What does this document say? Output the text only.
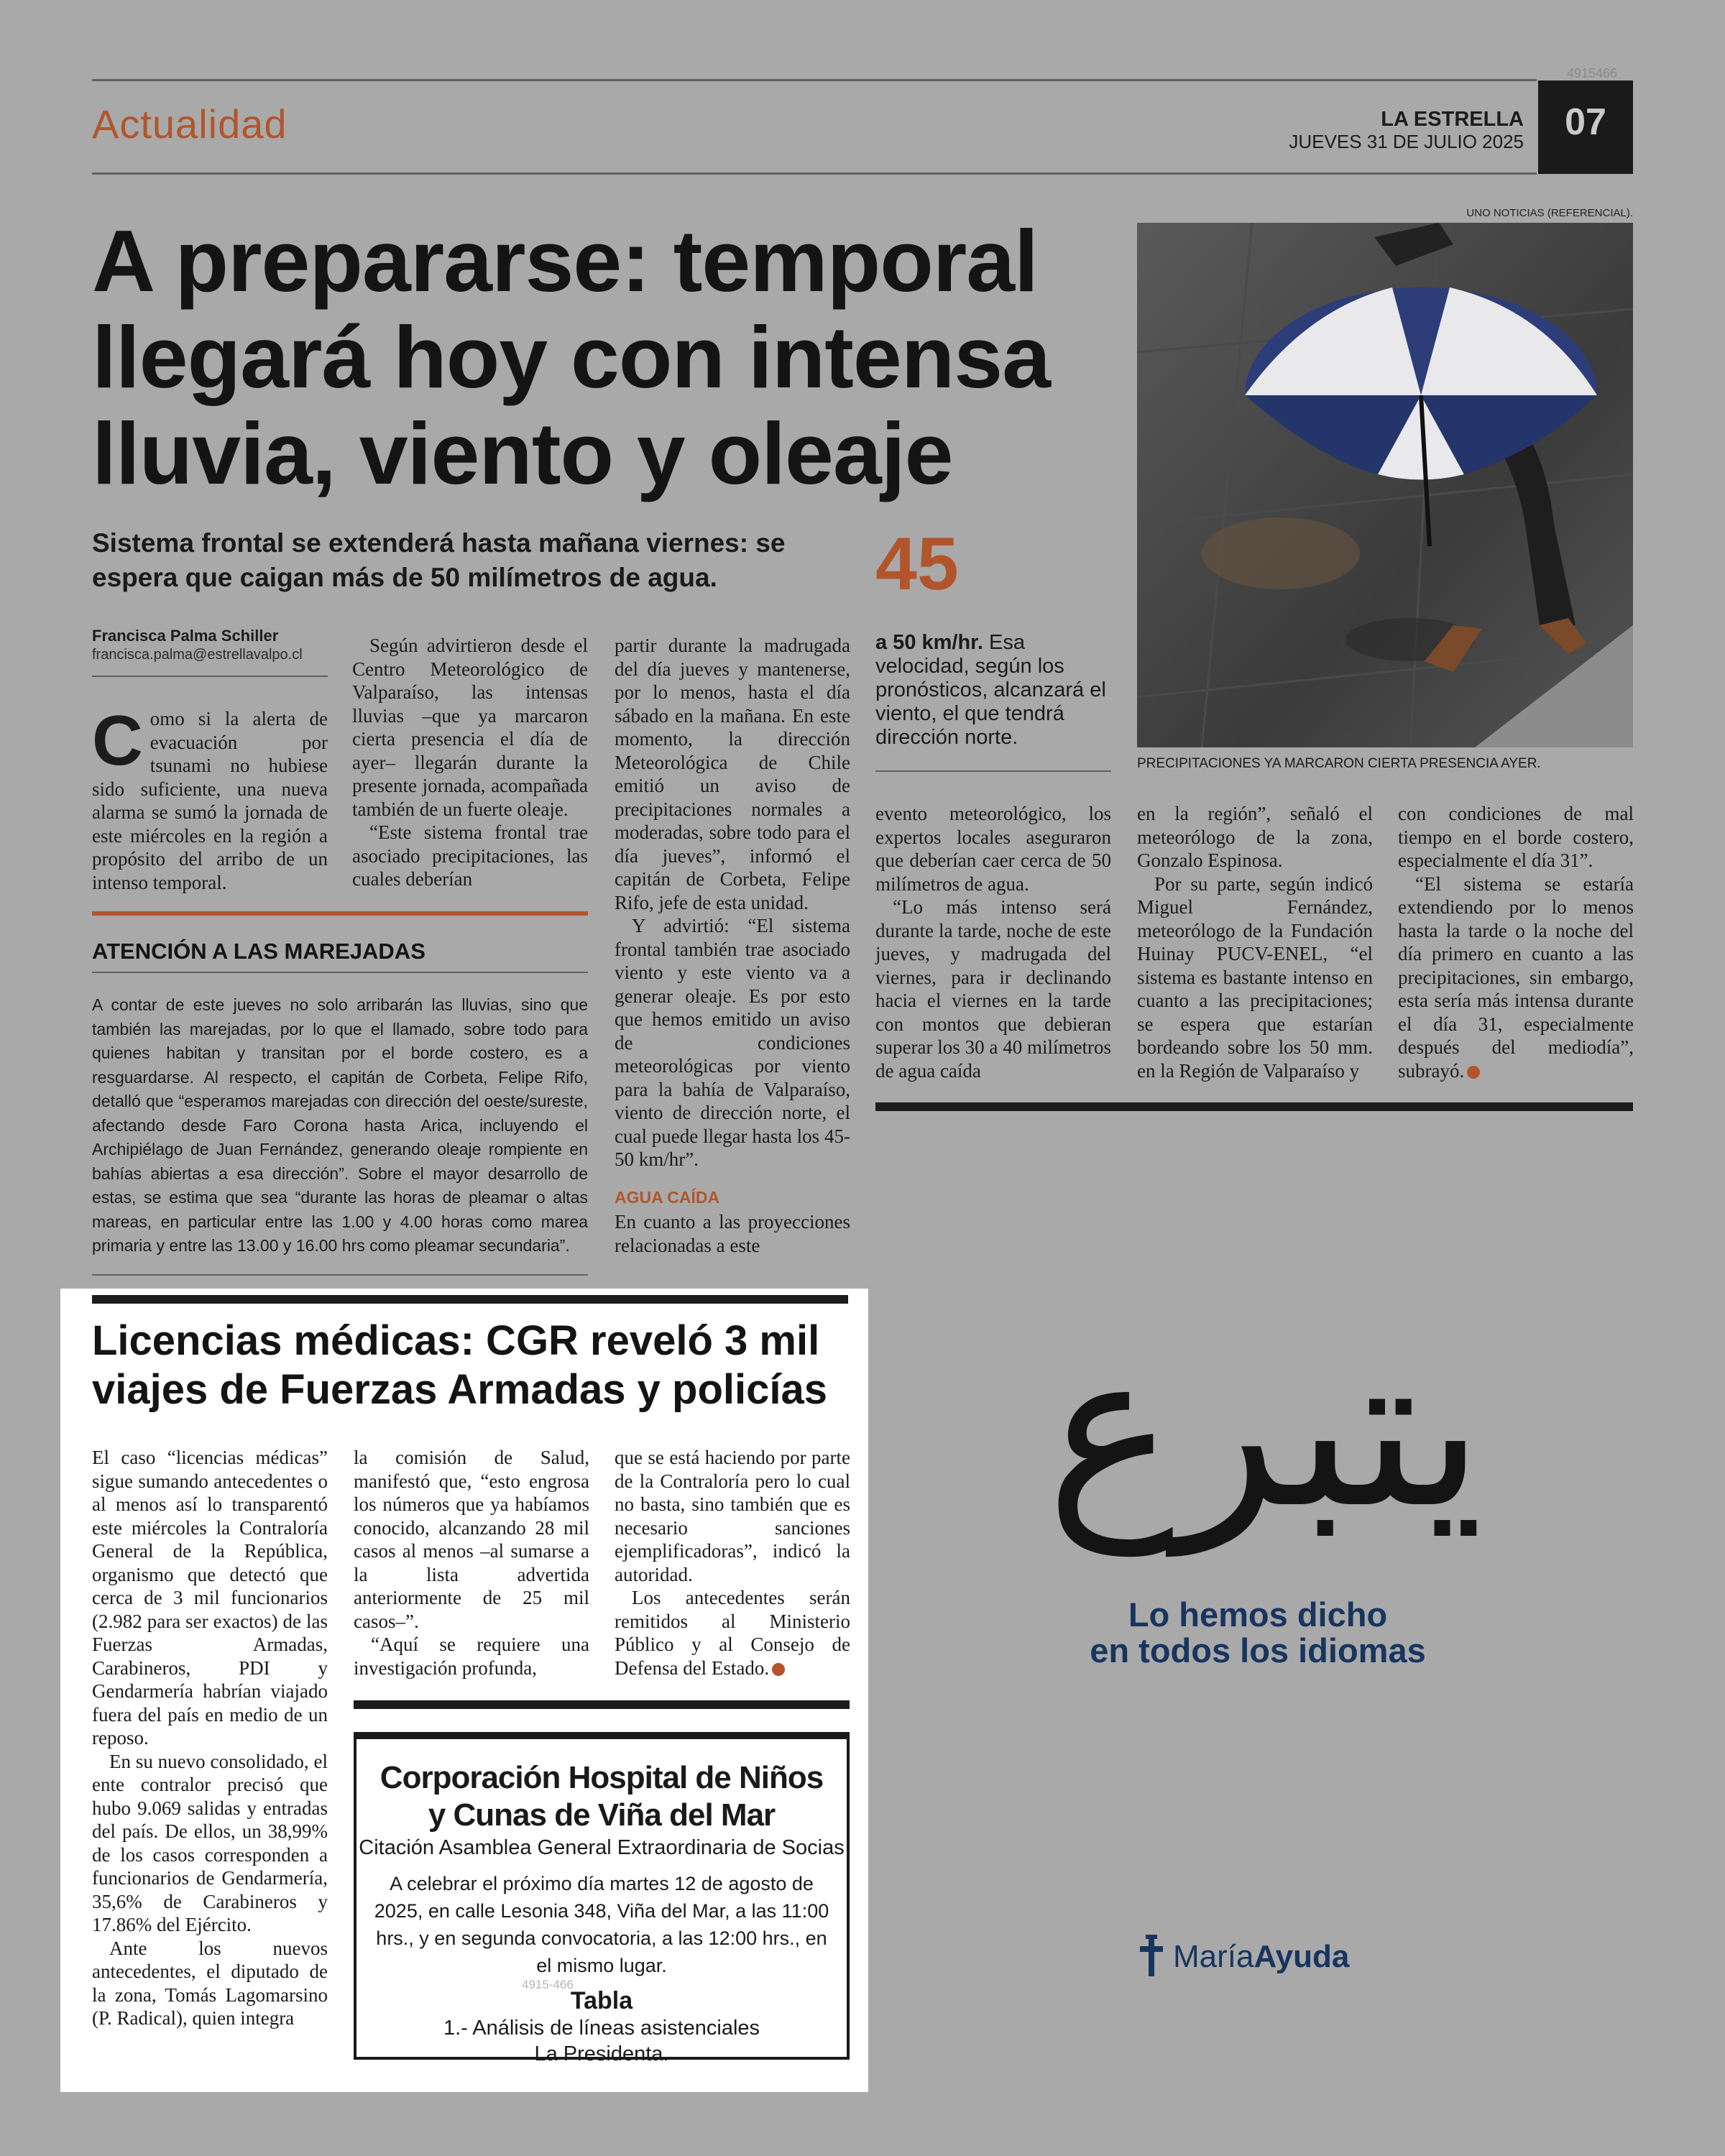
4915466
Actualidad	LA ESTRELLA
JUEVES 31 DE JULIO 2025	07
A prepararse: temporal llegará hoy con intensa lluvia, viento y oleaje
Sistema frontal se extenderá hasta mañana viernes: se espera que caigan más de 50 milímetros de agua.	45
a 50 km/hr. Esa velocidad, según los pronósticos, alcanzará el viento, el que tendrá dirección norte.
UNO NOTICIAS (REFERENCIAL).
PRECIPITACIONES YA MARCARON CIERTA PRESENCIA AYER.
Francisca Palma Schiller
francisca.palma@estrellavalpo.cl
C omo si la alerta de evacuación por tsunami no hubiese sido suficiente, una nueva alarma se sumó la jornada de este miércoles en la región a propósito del arribo de un intenso temporal.

Según advirtieron desde el Centro Meteorológico de Valparaíso, las intensas lluvias –que ya marcaron cierta presencia el día de ayer– llegarán durante la presente jornada, acompañada también de un fuerte oleaje.

“Este sistema frontal trae asociado precipitaciones, las cuales deberían

ATENCIÓN A LAS MAREJADAS
A contar de este jueves no solo arribarán las lluvias, sino que también las marejadas, por lo que el llamado, sobre todo para quienes habitan y transitan por el borde costero, es a resguardarse. Al respecto, el capitán de Corbeta, Felipe Rifo, detalló que “esperamos marejadas con dirección del oeste/sureste, afectando desde Faro Corona hasta Arica, incluyendo el Archipiélago de Juan Fernández, generando oleaje rompiente en bahías abiertas a esa dirección”. Sobre el mayor desarrollo de estas, se estima que sea “durante las horas de pleamar o altas mareas, en particular entre las 1.00 y 4.00 horas como marea primaria y entre las 13.00 y 16.00 hrs como pleamar secundaria”.

partir durante la madrugada del día jueves y mantenerse, por lo menos, hasta el día sábado en la mañana. En este momento, la dirección Meteorológica de Chile emitió un aviso de precipitaciones normales a moderadas, sobre todo para el día jueves”, informó el capitán de Corbeta, Felipe Rifo, jefe de esta unidad.

Y advirtió: “El sistema frontal también trae asociado viento y este viento va a generar oleaje. Es por esto que hemos emitido un aviso de condiciones meteorológicas por viento para la bahía de Valparaíso, viento de dirección norte, el cual puede llegar hasta los 45-50 km/hr”.

AGUA CAÍDA

En cuanto a las proyecciones relacionadas a este

evento meteorológico, los expertos locales aseguraron que deberían caer cerca de 50 milímetros de agua.

“Lo más intenso será durante la tarde, noche de este jueves, y madrugada del viernes, para ir declinando hacia el viernes en la tarde con montos que debieran superar los 30 a 40 milímetros de agua caída

en la región”, señaló el meteorólogo de la zona, Gonzalo Espinosa.

Por su parte, según indicó Miguel Fernández, meteorólogo de la Fundación Huinay PUCV-ENEL, “el sistema es bastante intenso en cuanto a las precipitaciones; se espera que estarían bordeando sobre los 50 mm. en la Región de Valparaíso y

con condiciones de mal tiempo en el borde costero, especialmente el día 31”.

“El sistema se estaría extendiendo por lo menos hasta la tarde o la noche del día primero en cuanto a las precipitaciones, sin embargo, esta sería más intensa durante el día 31, especialmente después del mediodía”, subrayó.

Licencias médicas: CGR reveló 3 mil viajes de Fuerzas Armadas y policías

El caso “licencias médicas” sigue sumando antecedentes o al menos así lo transparentó este miércoles la Contraloría General de la República, organismo que detectó que cerca de 3 mil funcionarios (2.982 para ser exactos) de las Fuerzas Armadas, Carabineros, PDI y Gendarmería habrían viajado fuera del país en medio de un reposo.

En su nuevo consolidado, el ente contralor precisó que hubo 9.069 salidas y entradas del país. De ellos, un 38,99% de los casos corresponden a funcionarios de Gendarmería, 35,6% de Carabineros y 17.86% del Ejército.

Ante los nuevos antecedentes, el diputado de la zona, Tomás Lagomarsino (P. Radical), quien integra

la comisión de Salud, manifestó que, “esto engrosa los números que ya habíamos conocido, alcanzando 28 mil casos al menos –al sumarse a la lista advertida anteriormente de 25 mil casos–”.

“Aquí se requiere una investigación profunda,

que se está haciendo por parte de la Contraloría pero lo cual no basta, sino también que es necesario sanciones ejemplificadoras”, indicó la autoridad.

Los antecedentes serán remitidos al Ministerio Público y al Consejo de Defensa del Estado.

Corporación Hospital de Niños y Cunas de Viña del Mar
Citación Asamblea General Extraordinaria de Socias
A celebrar el próximo día martes 12 de agosto de 2025, en calle Lesonia 348, Viña del Mar, a las 11:00 hrs., y en segunda convocatoria, a las 12:00 hrs., en el mismo lugar.
4915-466
Tabla
1.- Análisis de líneas asistenciales
La Presidenta.
يتبرع
Lo hemos dicho
en todos los idiomas
MaríaAyuda
